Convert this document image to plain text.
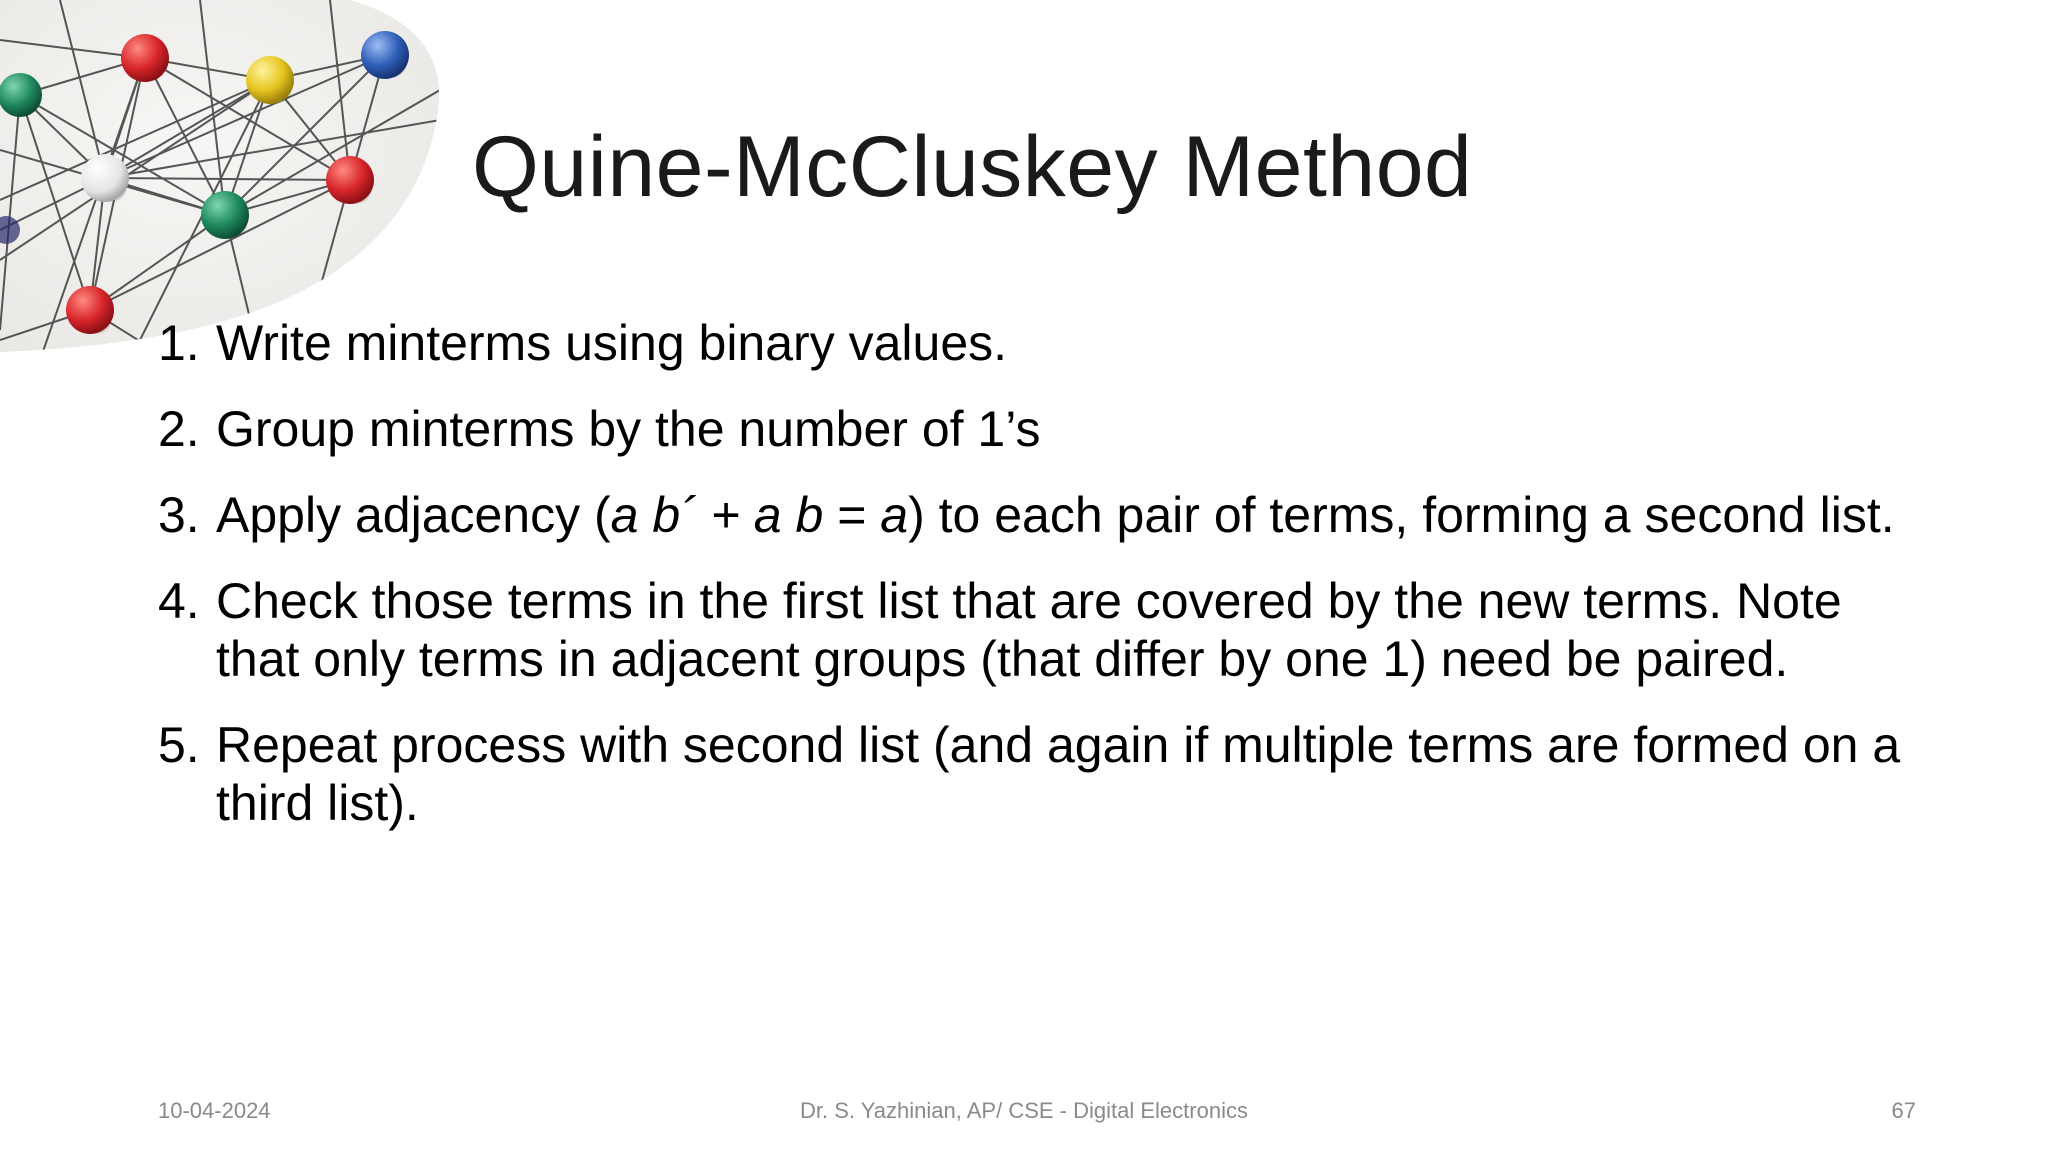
Quine-McCluskey Method
1. Write minterms using binary values.
2. Group minterms by the number of 1’s
3. Apply adjacency (a b´ + a b = a) to each pair of terms, forming a second list.
4. Check those terms in the first list that are covered by the new terms. Note that only terms in adjacent groups (that differ by one 1) need be paired.
5. Repeat process with second list (and again if multiple terms are formed on a third list).
10-04-2024	Dr. S. Yazhinian, AP/ CSE - Digital Electronics	67
